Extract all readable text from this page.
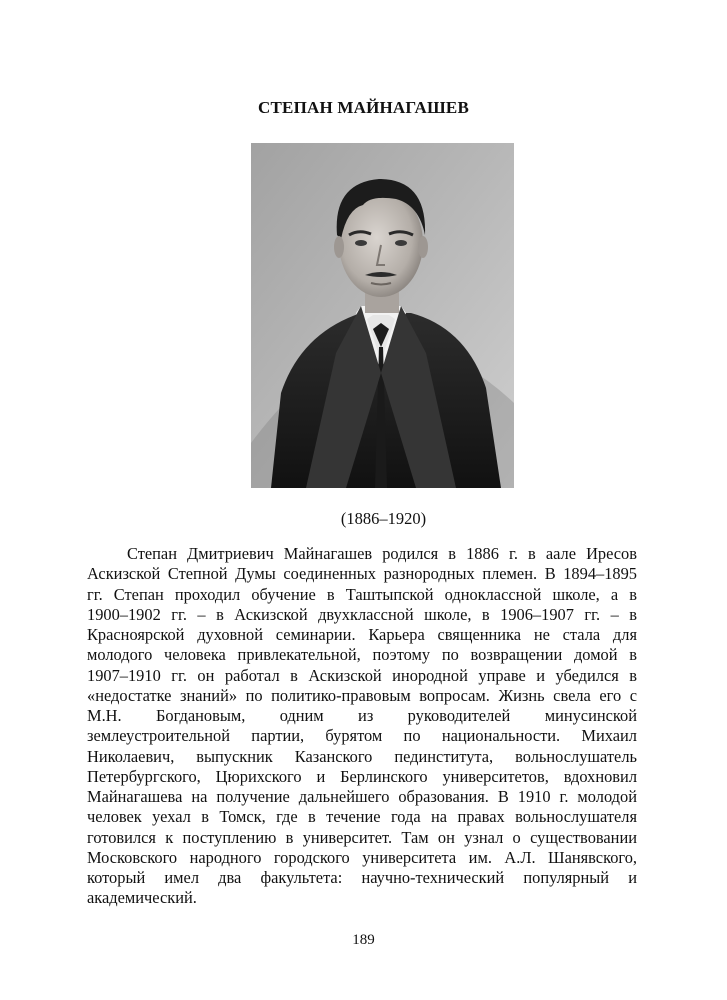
СТЕПАН МАЙНАГАШЕВ
(1886–1920)
Степан Дмитриевич Майнагашев родился в 1886 г. в аале Иресов
Аскизской Степной Думы соединенных разнородных племен. В 1894–1895
гг. Степан проходил обучение в Таштыпской одноклассной школе, а в
1900–1902 гг. – в Аскизской двухклассной школе, в 1906–1907 гг. – в
Красноярской духовной семинарии. Карьера священника не стала для
молодого человека привлекательной, поэтому по возвращении домой в
1907–1910 гг. он работал в Аскизской инородной управе и убедился в
«недостатке знаний» по политико-правовым вопросам. Жизнь свела его с
М.Н. Богдановым, одним из руководителей минусинской
землеустроительной партии, бурятом по национальности. Михаил
Николаевич, выпускник Казанского пединститута, вольнослушатель
Петербургского, Цюрихского и Берлинского университетов, вдохновил
Майнагашева на получение дальнейшего образования. В 1910 г. молодой
человек уехал в Томск, где в течение года на правах вольнослушателя
готовился к поступлению в университет. Там он узнал о существовании
Московского народного городского университета им. А.Л. Шанявского,
который имел два факультета: научно-технический популярный и
академический.
189
